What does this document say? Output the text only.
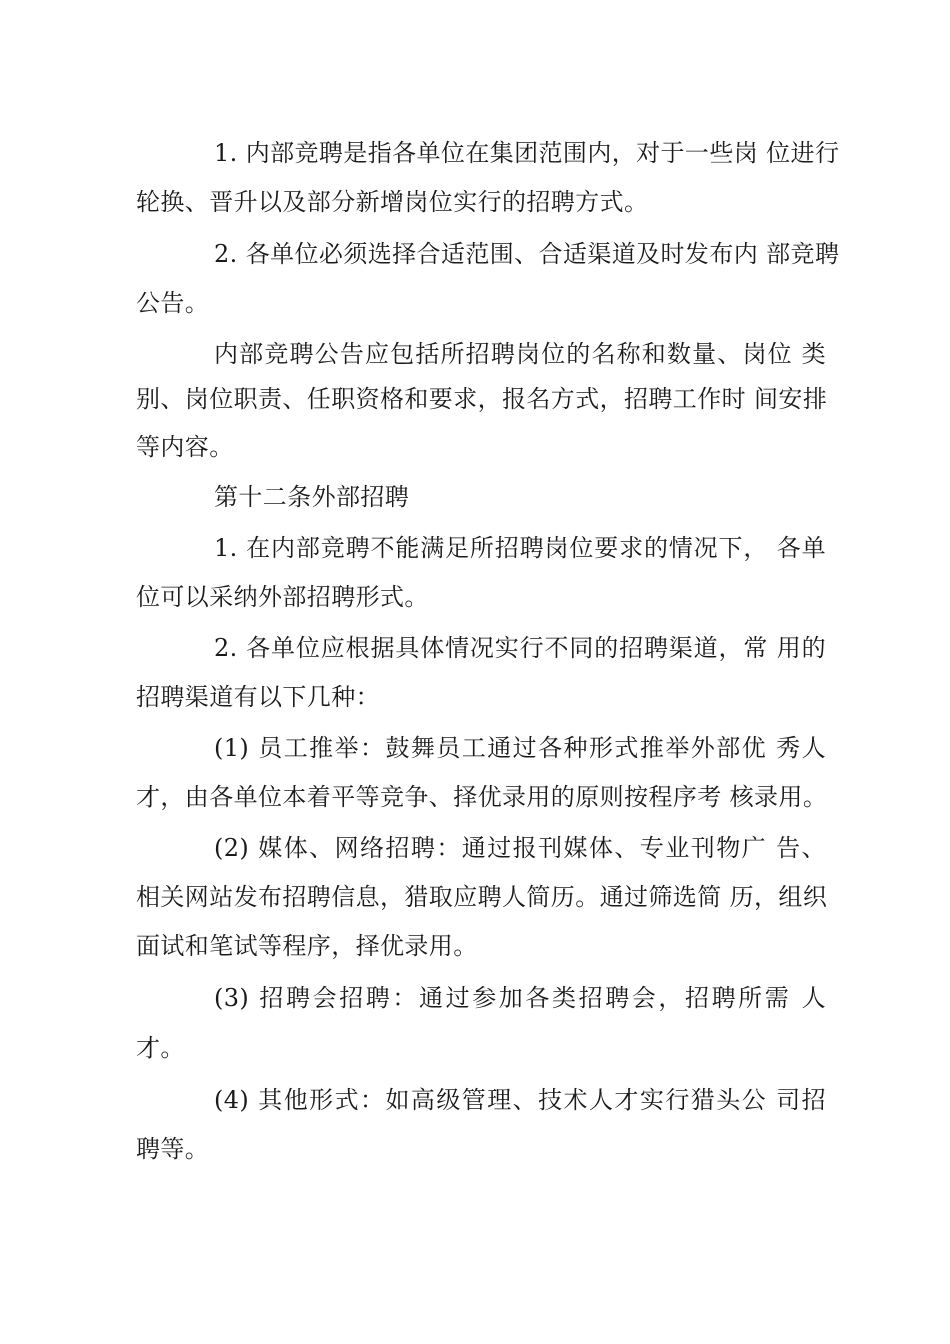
1. 内部竞聘是指各单位在集团范围内，对于一些岗 位进行
轮换、晋升以及部分新增岗位实行的招聘方式。
2. 各单位必须选择合适范围、合适渠道及时发布内 部竞聘
公告。
内部竞聘公告应包括所招聘岗位的名称和数量、岗位 类
别、岗位职责、任职资格和要求，报名方式，招聘工作时 间安排
等内容。
第十二条外部招聘
1. 在内部竞聘不能满足所招聘岗位要求的情况下， 各单
位可以采纳外部招聘形式。
2. 各单位应根据具体情况实行不同的招聘渠道，常 用的
招聘渠道有以下几种：
(1) 员工推举：鼓舞员工通过各种形式推举外部优 秀人
才，由各单位本着平等竞争、择优录用的原则按程序考 核录用。
(2) 媒体、网络招聘：通过报刊媒体、专业刊物广 告、
相关网站发布招聘信息，猎取应聘人简历。通过筛选简 历，组织
面试和笔试等程序，择优录用。
(3) 招聘会招聘：通过参加各类招聘会，招聘所需 人
才。
(4) 其他形式：如高级管理、技术人才实行猎头公 司招
聘等。
